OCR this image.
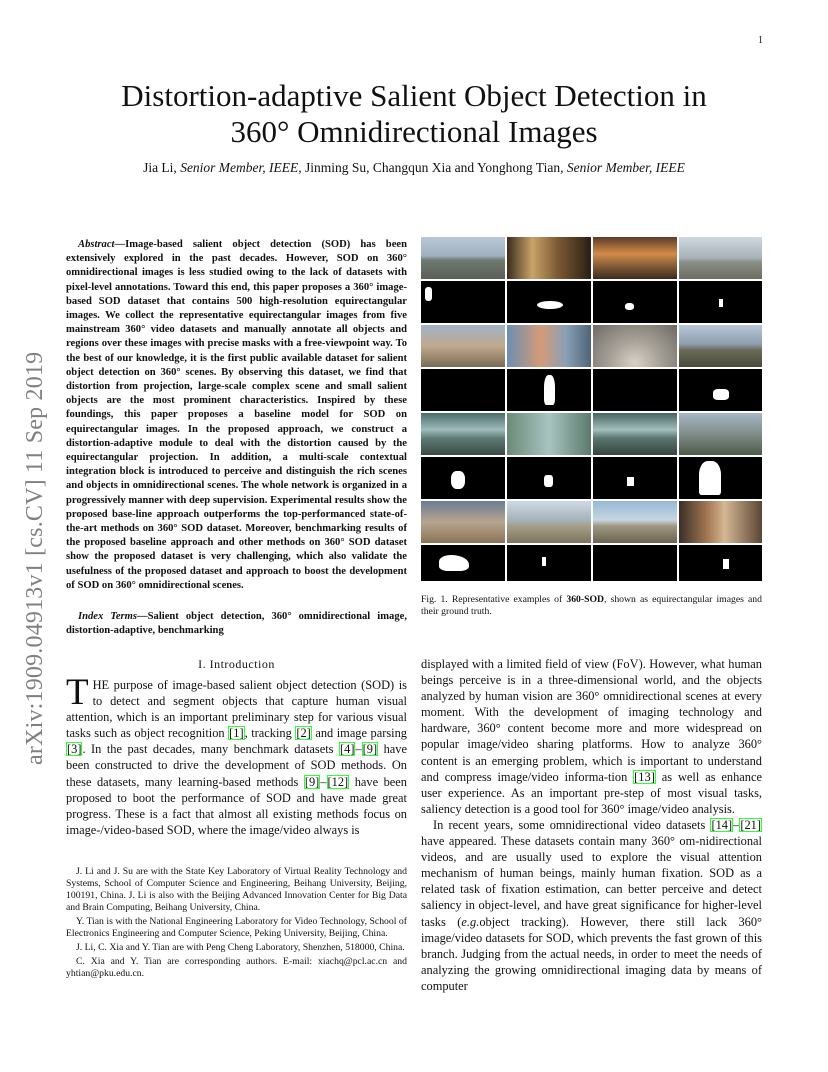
1
Distortion-adaptive Salient Object Detection in
360° Omnidirectional Images
Jia Li, Senior Member, IEEE, Jinming Su, Changqun Xia and Yonghong Tian, Senior Member, IEEE
arXiv:1909.04913v1 [cs.CV] 11 Sep 2019
Abstract—Image-based salient object detection (SOD) has been extensively explored in the past decades. However, SOD on 360° omnidirectional images is less studied owing to the lack of datasets with pixel-level annotations. Toward this end, this paper proposes a 360° image-based SOD dataset that contains 500 high-resolution equirectangular images. We collect the representative equirectangular images from five mainstream 360° video datasets and manually annotate all objects and regions over these images with precise masks with a free-viewpoint way. To the best of our knowledge, it is the first public available dataset for salient object detection on 360° scenes. By observing this dataset, we find that distortion from projection, large-scale complex scene and small salient objects are the most prominent characteristics. Inspired by these foundings, this paper proposes a baseline model for SOD on equirectangular images. In the proposed approach, we construct a distortion-adaptive module to deal with the distortion caused by the equirectangular projection. In addition, a multi-scale contextual integration block is introduced to perceive and distinguish the rich scenes and objects in omnidirectional scenes. The whole network is organized in a progressively manner with deep supervision. Experimental results show the proposed base-line approach outperforms the top-performanced state-of-the-art methods on 360° SOD dataset. Moreover, benchmarking results of the proposed baseline approach and other methods on 360° SOD dataset show the proposed dataset is very challenging, which also validate the usefulness of the proposed dataset and approach to boost the development of SOD on 360° omnidirectional scenes.
Index Terms—Salient object detection, 360° omnidirectional image, distortion-adaptive, benchmarking
I. Introduction
THE purpose of image-based salient object detection (SOD) is to detect and segment objects that capture human visual attention, which is an important preliminary step for various visual tasks such as object recognition [1], tracking [2] and image parsing [3]. In the past decades, many benchmark datasets [4]–[9] have been constructed to drive the development of SOD methods. On these datasets, many learning-based methods [9]–[12] have been proposed to boot the performance of SOD and have made great progress. These is a fact that almost all existing methods focus on image-/video-based SOD, where the image/video always is

J. Li and J. Su are with the State Key Laboratory of Virtual Reality Technology and Systems, School of Computer Science and Engineering, Beihang University, Beijing, 100191, China. J. Li is also with the Beijing Advanced Innovation Center for Big Data and Brain Computing, Beihang University, China.

Y. Tian is with the National Engineering Laboratory for Video Technology, School of Electronics Engineering and Computer Science, Peking University, Beijing, China.

J. Li, C. Xia and Y. Tian are with Peng Cheng Laboratory, Shenzhen, 518000, China.

C. Xia and Y. Tian are corresponding authors. E-mail: xiachq@pcl.ac.cn and yhtian@pku.edu.cn.

Fig. 1. Representative examples of 360-SOD, shown as equirectangular images and their ground truth.

displayed with a limited field of view (FoV). However, what human beings perceive is in a three-dimensional world, and the objects analyzed by human vision are 360° omnidirectional scenes at every moment. With the development of imaging technology and hardware, 360° content become more and more widespread on popular image/video sharing platforms. How to analyze 360° content is an emerging problem, which is important to understand and compress image/video informa-tion [13] as well as enhance user experience. As an important pre-step of most visual tasks, saliency detection is a good tool for 360° image/video analysis.

In recent years, some omnidirectional video datasets [14]–[21] have appeared. These datasets contain many 360° om-nidirectional videos, and are usually used to explore the visual attention mechanism of human beings, mainly human fixation. SOD as a related task of fixation estimation, can better perceive and detect saliency in object-level, and have great significance for higher-level tasks (e.g.object tracking). However, there still lack 360° image/video datasets for SOD, which prevents the fast grown of this branch. Judging from the actual needs, in order to meet the needs of analyzing the growing omnidirectional imaging data by means of computer
